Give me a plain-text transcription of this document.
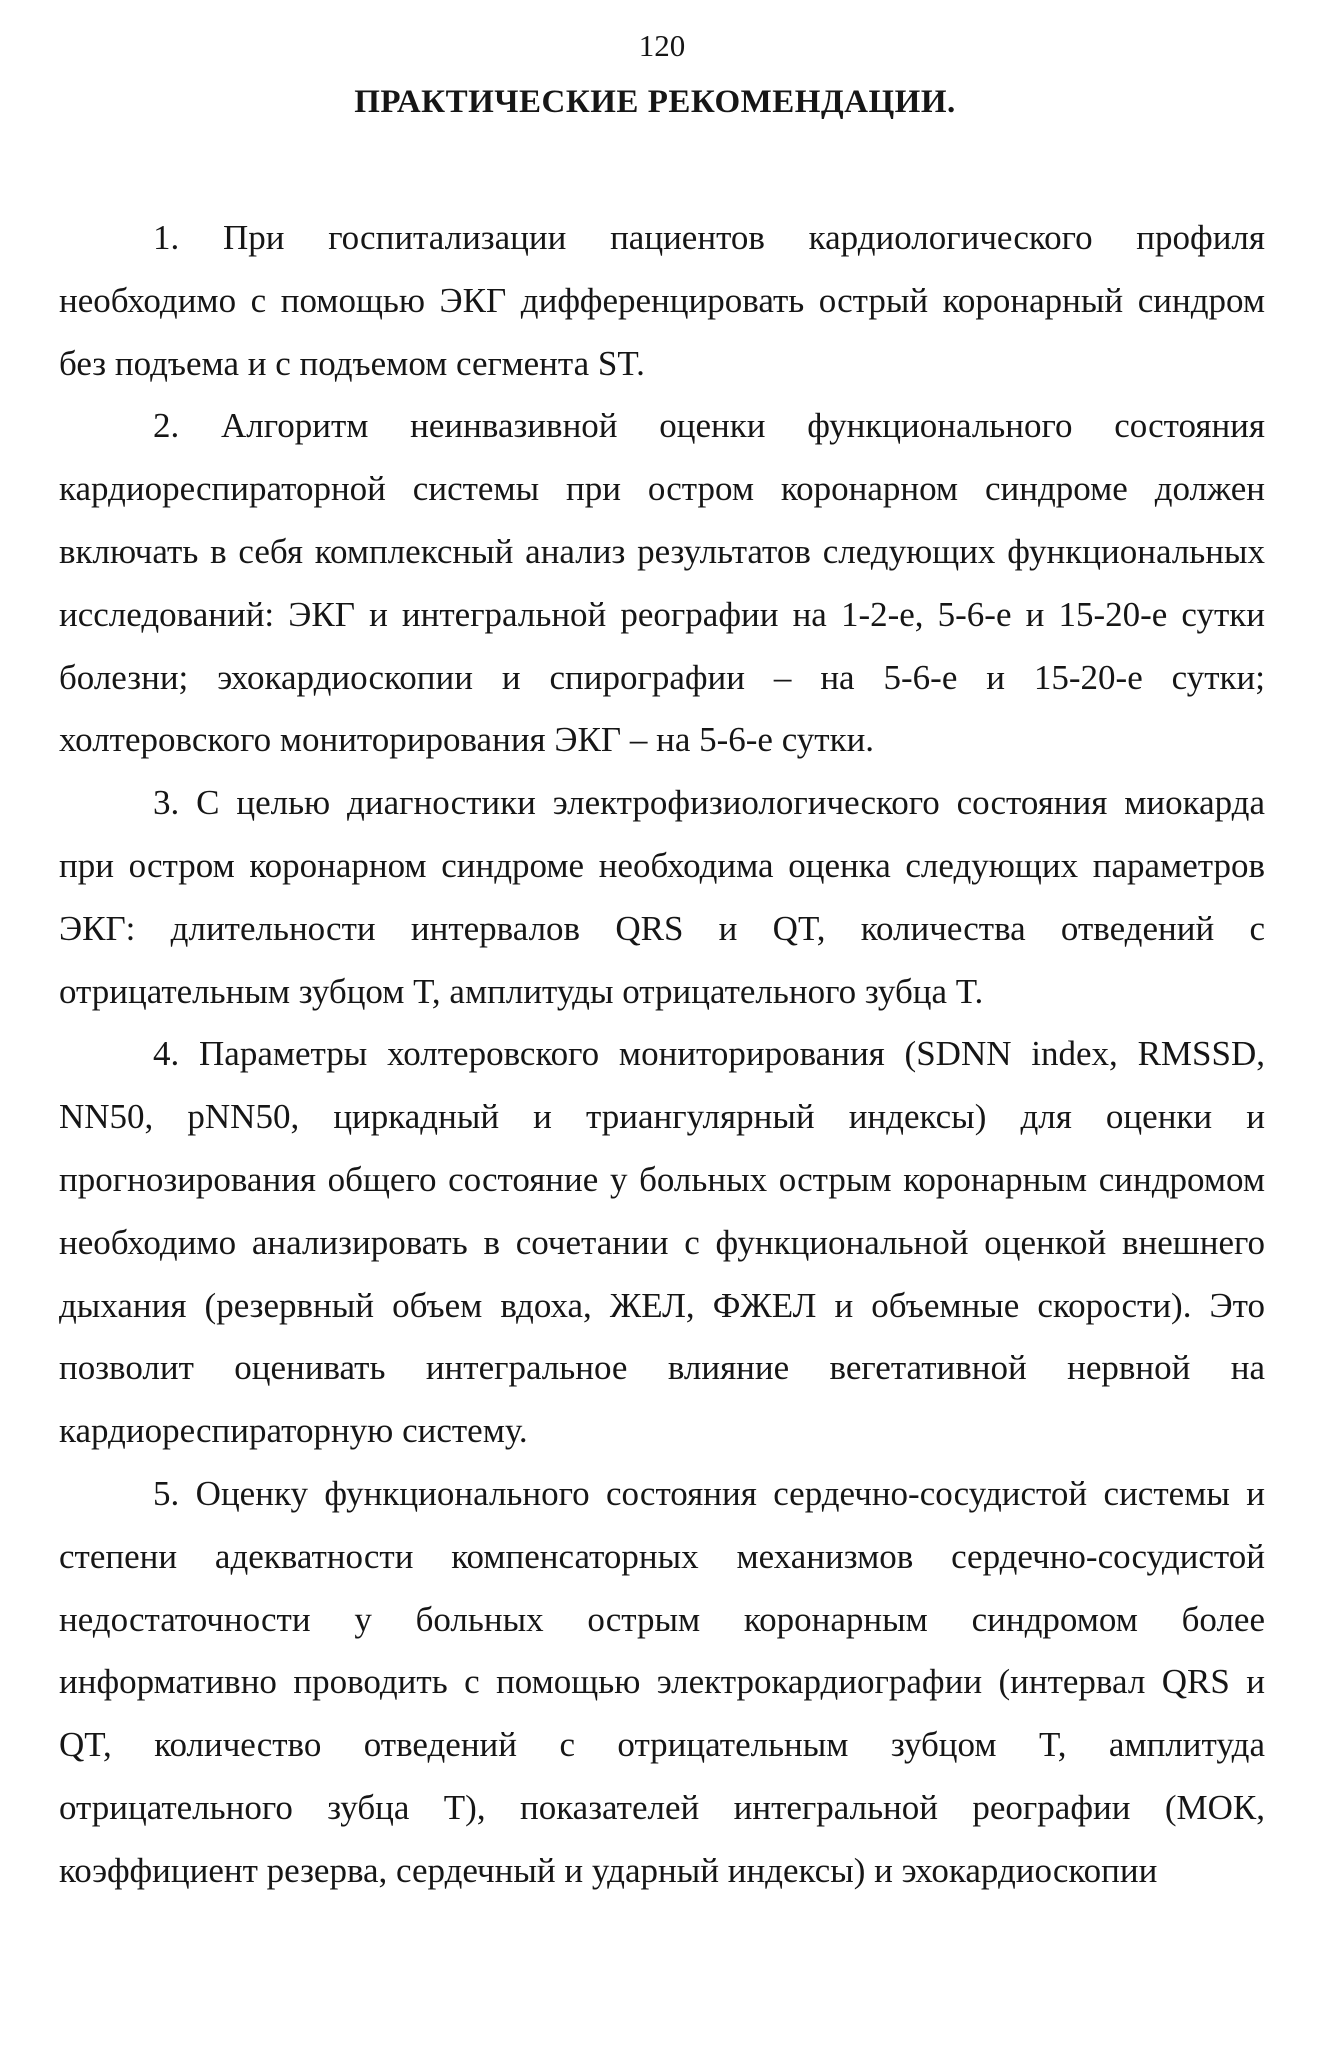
120
ПРАКТИЧЕСКИЕ РЕКОМЕНДАЦИИ.

1. При госпитализации пациентов кардиологического профиля необходимо с помощью ЭКГ дифференцировать острый коронарный синдром без подъема и с подъемом сегмента ST.

2. Алгоритм неинвазивной оценки функционального состояния кардиореспираторной системы при остром коронарном синдроме должен включать в себя комплексный анализ результатов следующих функциональных исследований: ЭКГ и интегральной реографии на 1-2-е, 5-6-е и 15-20-е сутки болезни; эхокардиоскопии и спирографии – на 5-6-е и 15-20-е сутки; холтеровского мониторирования ЭКГ – на 5-6-е сутки.

3. С целью диагностики электрофизиологического состояния миокарда при остром коронарном синдроме необходима оценка следующих параметров ЭКГ: длительности интервалов QRS и QT, количества отведений с отрицательным зубцом T, амплитуды отрицательного зубца T.

4. Параметры холтеровского мониторирования (SDNN index, RMSSD, NN50, pNN50, циркадный и триангулярный индексы) для оценки и прогнозирования общего состояние у больных острым коронарным синдромом необходимо анализировать в сочетании с функциональной оценкой внешнего дыхания (резервный объем вдоха, ЖЕЛ, ФЖЕЛ и объемные скорости). Это позволит оценивать интегральное влияние вегетативной нервной на кардиореспираторную систему.

5. Оценку функционального состояния сердечно-сосудистой системы и степени адекватности компенсаторных механизмов сердечно-сосудистой недостаточности у больных острым коронарным синдромом более информативно проводить с помощью электрокардиографии (интервал QRS и QT, количество отведений с отрицательным зубцом T, амплитуда отрицательного зубца T), показателей интегральной реографии (МОК, коэффициент резерва, сердечный и ударный индексы) и эхокардиоскопии
